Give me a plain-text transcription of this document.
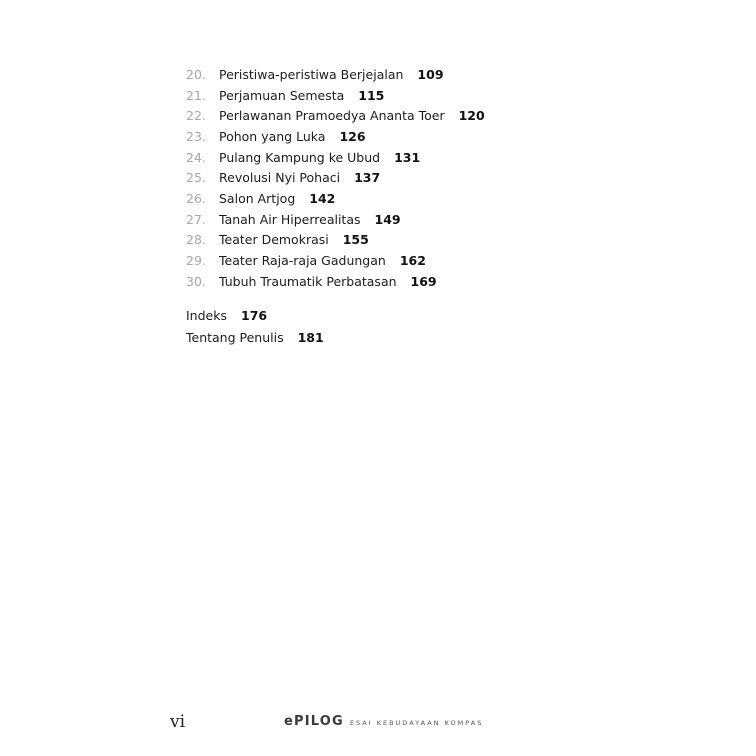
20.	Peristiwa-peristiwa Berjejalan 109
21.	Perjamuan Semesta 115
22.	Perlawanan Pramoedya Ananta Toer 120
23.	Pohon yang Luka 126
24.	Pulang Kampung ke Ubud 131
25.	Revolusi Nyi Pohaci 137
26.	Salon Artjog 142
27.	Tanah Air Hiperrealitas 149
28.	Teater Demokrasi 155
29.	Teater Raja-raja Gadungan 162
30.	Tubuh Traumatik Perbatasan 169
Indeks 176
Tentang Penulis 181
vi	ePILOG ESAI KEBUDAYAAN KOMPAS
